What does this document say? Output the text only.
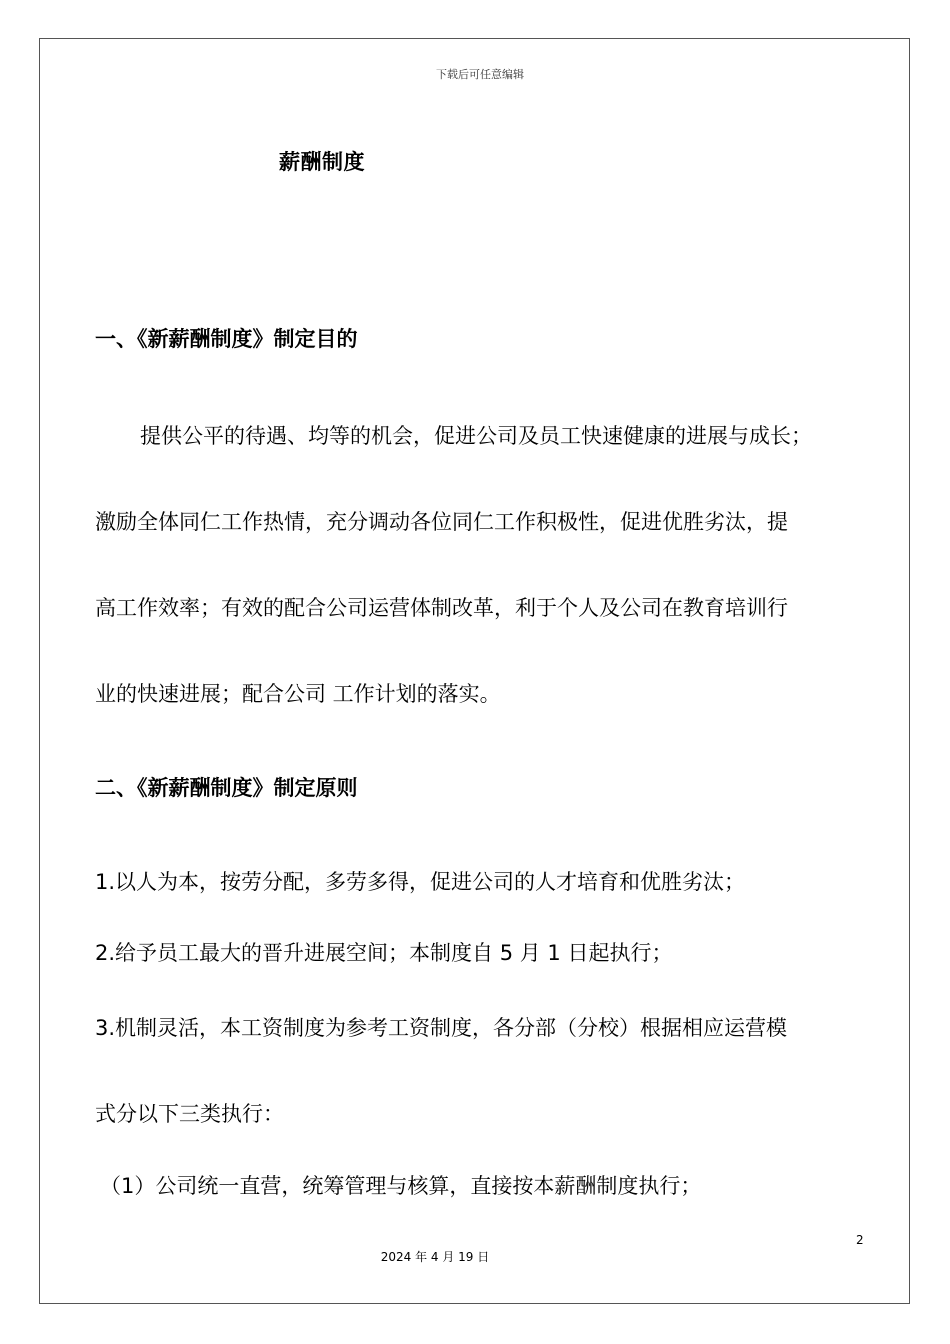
下载后可任意编辑
薪酬制度
一、《新薪酬制度》制定目的
提供公平的待遇、均等的机会，促进公司及员工快速健康的进展与成长；
激励全体同仁工作热情，充分调动各位同仁工作积极性，促进优胜劣汰，提
高工作效率；有效的配合公司运营体制改革，利于个人及公司在教育培训行
业的快速进展；配合公司 工作计划的落实。
二、《新薪酬制度》制定原则
1.以人为本，按劳分配，多劳多得，促进公司的人才培育和优胜劣汰；
2.给予员工最大的晋升进展空间；本制度自 5 月 1 日起执行；
3.机制灵活，本工资制度为参考工资制度，各分部（分校）根据相应运营模
式分以下三类执行：
（1）公司统一直营，统筹管理与核算，直接按本薪酬制度执行；
2
2024 年 4 月 19 日
